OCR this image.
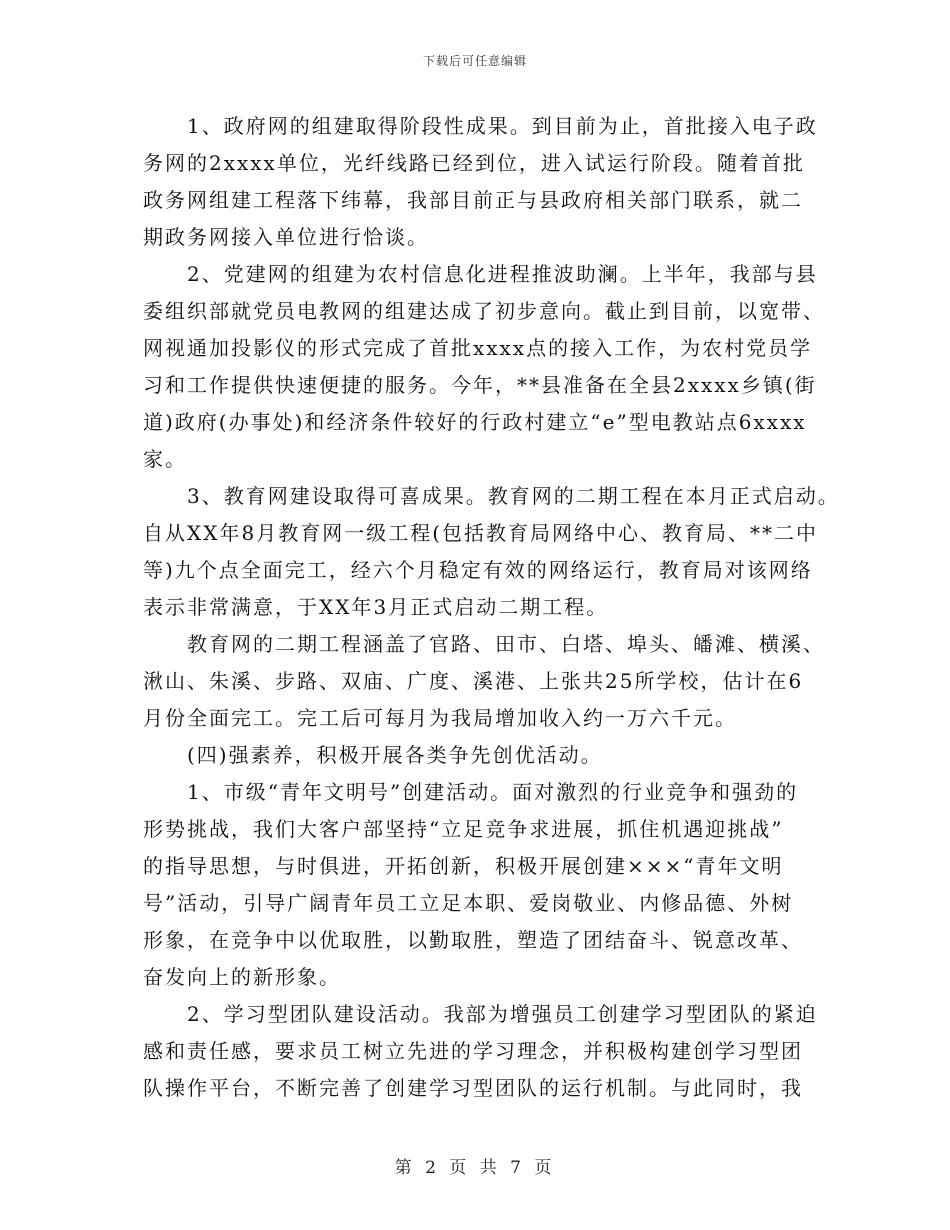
下载后可任意编辑
1、政府网的组建取得阶段性成果。到目前为止，首批接入电子政
务网的2xxxx单位，光纤线路已经到位，进入试运行阶段。随着首批
政务网组建工程落下纬幕，我部目前正与县政府相关部门联系，就二
期政务网接入单位进行恰谈。
2、党建网的组建为农村信息化进程推波助澜。上半年，我部与县
委组织部就党员电教网的组建达成了初步意向。截止到目前，以宽带、
网视通加投影仪的形式完成了首批xxxx点的接入工作，为农村党员学
习和工作提供快速便捷的服务。今年，**县准备在全县2xxxx乡镇(街
道)政府(办事处)和经济条件较好的行政村建立“e”型电教站点6xxxx
家。
3、教育网建设取得可喜成果。教育网的二期工程在本月正式启动。
自从XX年8月教育网一级工程(包括教育局网络中心、教育局、**二中
等)九个点全面完工，经六个月稳定有效的网络运行，教育局对该网络
表示非常满意，于XX年3月正式启动二期工程。
教育网的二期工程涵盖了官路、田市、白塔、埠头、皤滩、横溪、
湫山、朱溪、步路、双庙、广度、溪港、上张共25所学校，估计在6
月份全面完工。完工后可每月为我局增加收入约一万六千元。
(四)强素养，积极开展各类争先创优活动。
1、市级“青年文明号”创建活动。面对激烈的行业竞争和强劲的
形势挑战，我们大客户部坚持“立足竞争求进展，抓住机遇迎挑战”
的指导思想，与时俱进，开拓创新，积极开展创建×××“青年文明
号”活动，引导广阔青年员工立足本职、爱岗敬业、内修品德、外树
形象，在竞争中以优取胜，以勤取胜，塑造了团结奋斗、锐意改革、
奋发向上的新形象。
2、学习型团队建设活动。我部为增强员工创建学习型团队的紧迫
感和责任感，要求员工树立先进的学习理念，并积极构建创学习型团
队操作平台，不断完善了创建学习型团队的运行机制。与此同时，我
第 2 页 共 7 页
